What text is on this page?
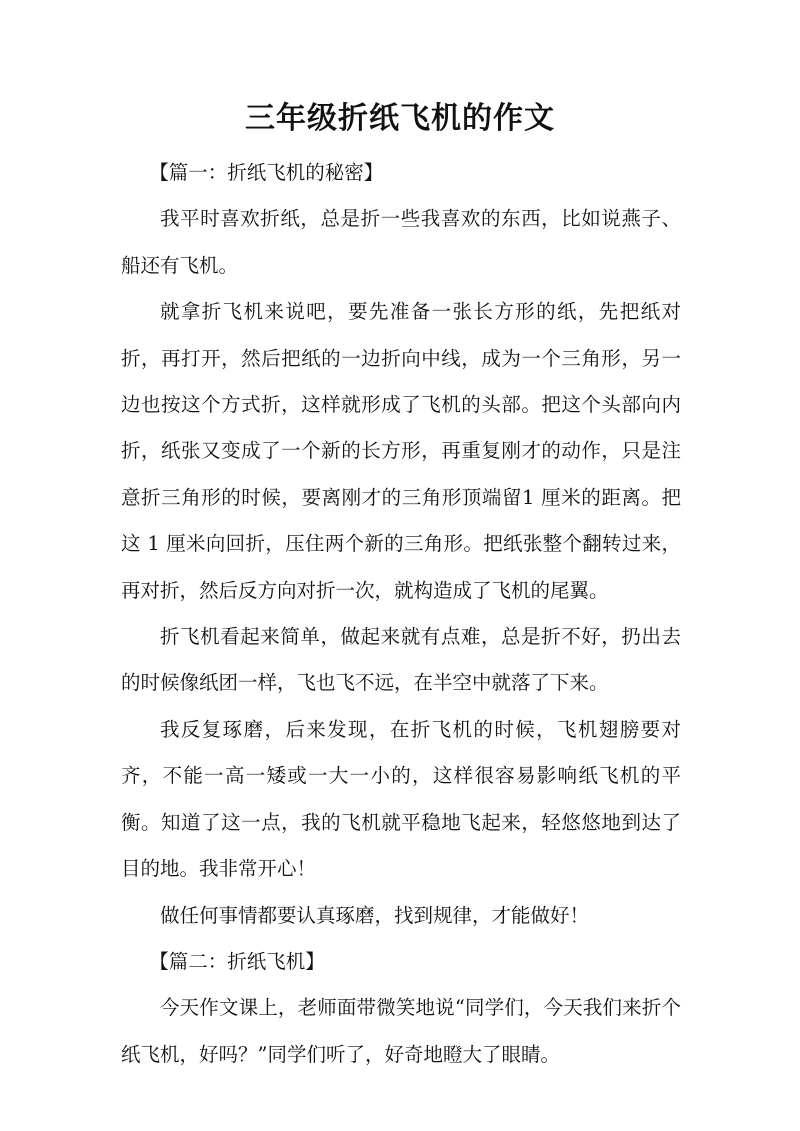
三年级折纸飞机的作文

【篇一：折纸飞机的秘密】

我平时喜欢折纸，总是折一些我喜欢的东西，比如说燕子、船还有飞机。

就拿折飞机来说吧，要先准备一张长方形的纸，先把纸对折，再打开，然后把纸的一边折向中线，成为一个三角形，另一边也按这个方式折，这样就形成了飞机的头部。把这个头部向内折，纸张又变成了一个新的长方形，再重复刚才的动作，只是注意折三角形的时候，要离刚才的三角形顶端留1 厘米的距离。把这 1 厘米向回折，压住两个新的三角形。把纸张整个翻转过来，再对折，然后反方向对折一次，就构造成了飞机的尾翼。

折飞机看起来简单，做起来就有点难，总是折不好，扔出去的时候像纸团一样，飞也飞不远，在半空中就落了下来。

我反复琢磨，后来发现，在折飞机的时候，飞机翅膀要对齐，不能一高一矮或一大一小的，这样很容易影响纸飞机的平衡。知道了这一点，我的飞机就平稳地飞起来，轻悠悠地到达了目的地。我非常开心！

做任何事情都要认真琢磨，找到规律，才能做好！

【篇二：折纸飞机】

今天作文课上，老师面带微笑地说“同学们，今天我们来折个纸飞机，好吗？”同学们听了，好奇地瞪大了眼睛。
